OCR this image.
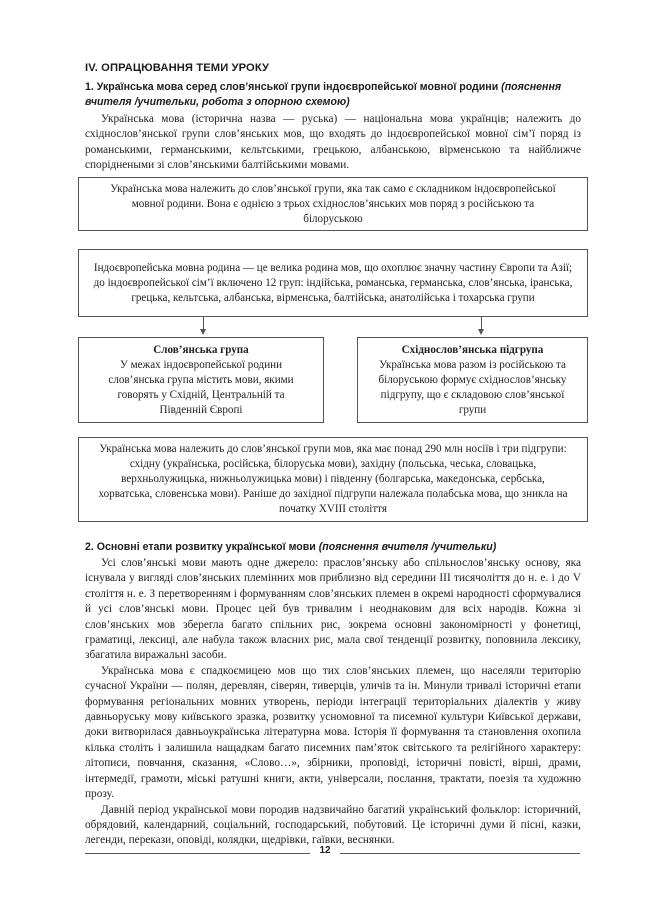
IV. ОПРАЦЮВАННЯ ТЕМИ УРОКУ
1. Українська мова серед слов’янської групи індоєвропейської мовної родини (пояснення вчителя /учительки, робота з опорною схемою)

Українська мова (історична назва — руська) — національна мова українців; належить до східнослов’янської групи слов’янських мов, що входять до індоєвропейської мовної сім’ї поряд із романськими, германськими, кельтськими, грецькою, албанською, вірменською та найближче споріднеными зі слов’янськими балтійськими мовами.

Українська мова належить до слов’янської групи, яка так само є складником індоєвропейської мовної родини. Вона є однією з трьох східнослов’янських мов поряд з російською та білоруською
Індоєвропейська мовна родина — це велика родина мов, що охоплює значну частину Європи та Азії; до індоєвропейської сім’ї включено 12 груп: індійська, романська, германська, слов’янська, іранська, грецька, кельтська, албанська, вірменська, балтійська, анатолійська і тохарська групи
Слов’янська група
У межах індоєвропейської родини слов’янська група містить мови, якими говорять у Східній, Центральній та Південній Європі
Східнослов’янська підгрупа
Українська мова разом із російською та білоруською формує східнослов’янську підгрупу, що є складовою слов’янської групи
Українська мова належить до слов’янської групи мов, яка має понад 290 млн носіїв і три підгрупи: східну (українська, російська, білоруська мови), західну (польська, чеська, словацька, верхньолужицька, нижньолужицька мови) і південну (болгарська, македонська, сербська, хорватська, словенська мови). Раніше до західної підгрупи належала полабська мова, що зникла на початку XVIII століття
2. Основні етапи розвитку української мови (пояснення вчителя /учительки)

Усі слов’янські мови мають одне джерело: праслов’янську або спільнослов’янську основу, яка існувала у вигляді слов’янських племінних мов приблизно від середини III тисячоліття до н. е. і до V століття н. е. З перетворенням і формуванням слов’янських племен в окремі народності сформувалися й усі слов’янські мови. Процес цей був тривалим і неоднаковим для всіх народів. Кожна зі слов’янських мов зберегла багато спільних рис, зокрема основні закономірності у фонетиці, граматиці, лексиці, але набула також власних рис, мала свої тенденції розвитку, поповнила лексику, збагатила виражальні засоби.

Українська мова є спадкоємицею мов що тих слов’янських племен, що населяли територію сучасної України — полян, деревлян, сіверян, тиверців, уличів та ін. Минули тривалі історичні етапи формування регіональних мовних утворень, періоди інтеграції територіальних діалектів у живу давньоруську мову київського зразка, розвитку усномовної та писемної культури Київської держави, доки витворилася давньоукраїнська літературна мова. Історія її формування та становлення охопила кілька століть і залишила нащадкам багато писемних пам’яток світського та релігійного характеру: літописи, повчання, сказання, «Слово…», збірники, проповіді, історичні повісті, вірші, драми, інтермедії, грамоти, міські ратушні книги, акти, універсали, послання, трактати, поезія та художню прозу.

Давній період української мови породив надзвичайно багатий український фольклор: історичний, обрядовий, календарний, соціальний, господарський, побутовий. Це історичні думи й пісні, казки, легенди, перекази, оповіді, колядки, щедрівки, гаївки, веснянки.

12
